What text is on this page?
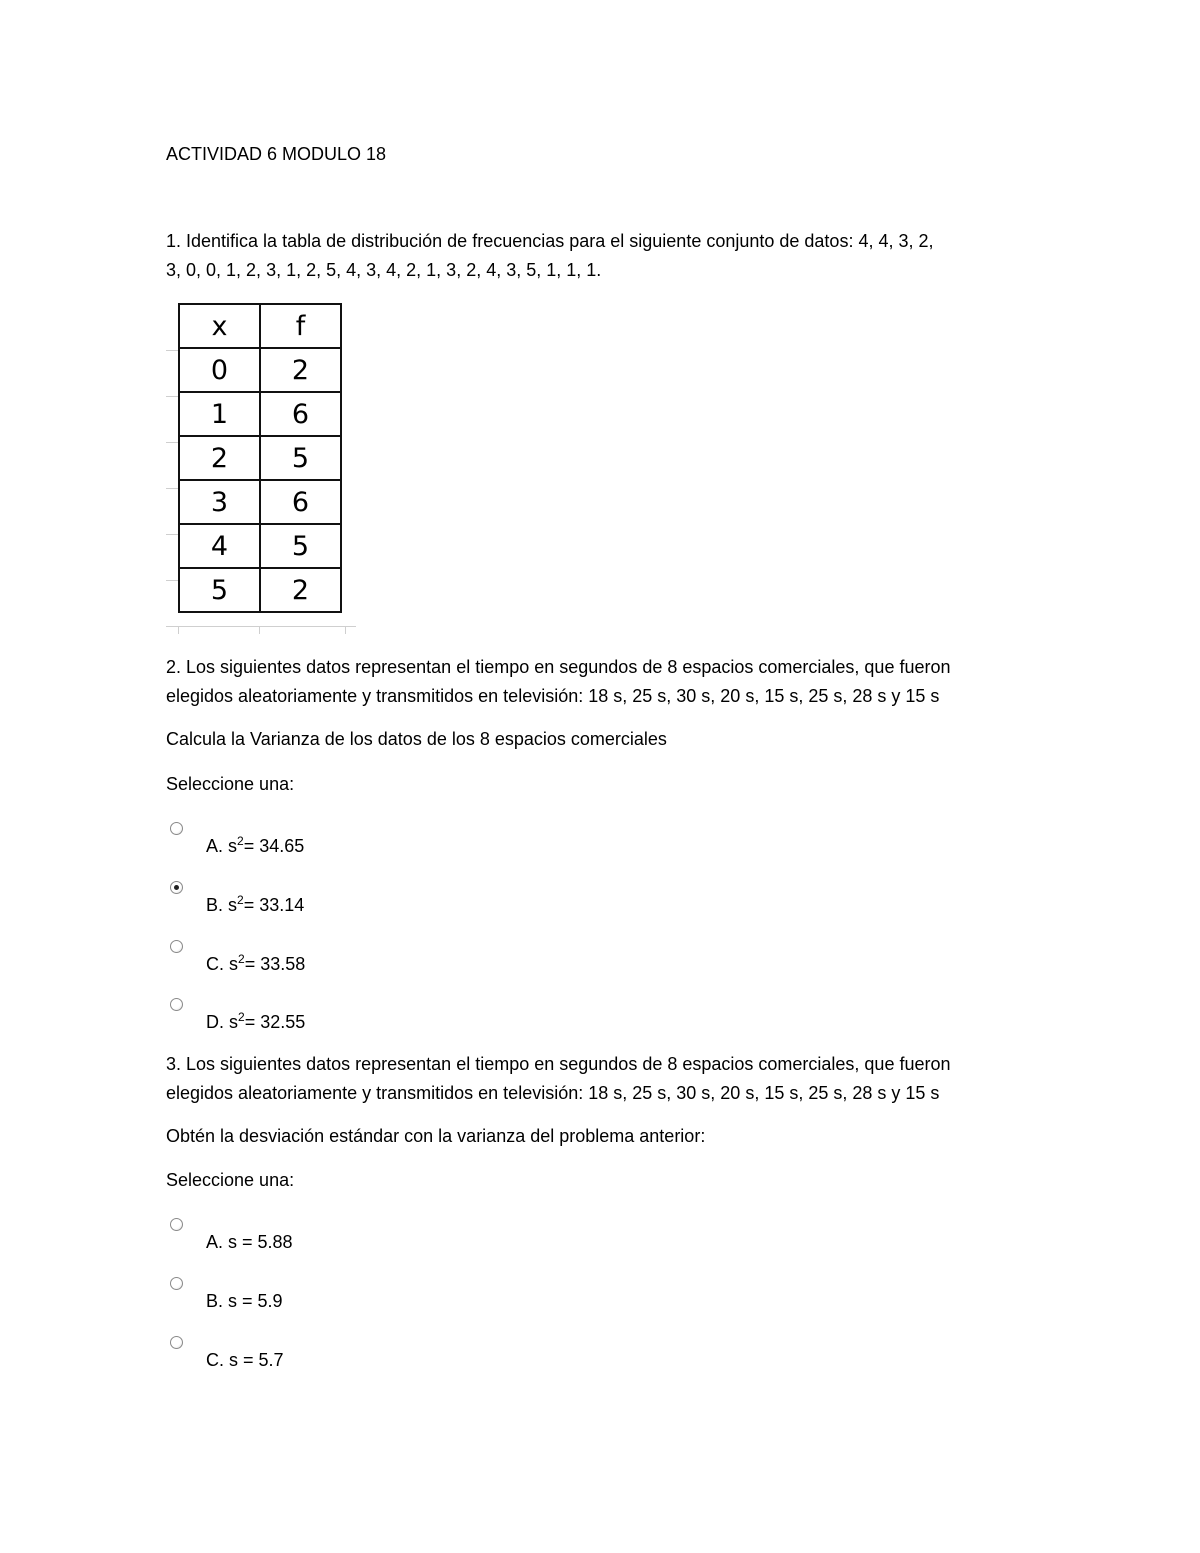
ACTIVIDAD 6 MODULO 18
1. Identifica la tabla de distribución de frecuencias para el siguiente conjunto de datos: 4, 4, 3, 2,
3, 0, 0, 1, 2, 3, 1, 2, 5, 4, 3, 4, 2, 1, 3, 2, 4, 3, 5, 1, 1, 1.
x	f
0	2
1	6
2	5
3	6
4	5
5	2
2. Los siguientes datos representan el tiempo en segundos de 8 espacios comerciales, que fueron
elegidos aleatoriamente y transmitidos en televisión: 18 s, 25 s, 30 s, 20 s, 15 s, 25 s, 28 s y 15 s
Calcula la Varianza de los datos de los 8 espacios comerciales
Seleccione una:
A. $s^2= 34.65$
B. $s^2= 33.14$
C. $s^2= 33.58$
D. $s^2= 32.55$
3. Los siguientes datos representan el tiempo en segundos de 8 espacios comerciales, que fueron
elegidos aleatoriamente y transmitidos en televisión: 18 s, 25 s, 30 s, 20 s, 15 s, 25 s, 28 s y 15 s
Obtén la desviación estándar con la varianza del problema anterior:
Seleccione una:
A. s = 5.88
B. s = 5.9
C. s = 5.7
